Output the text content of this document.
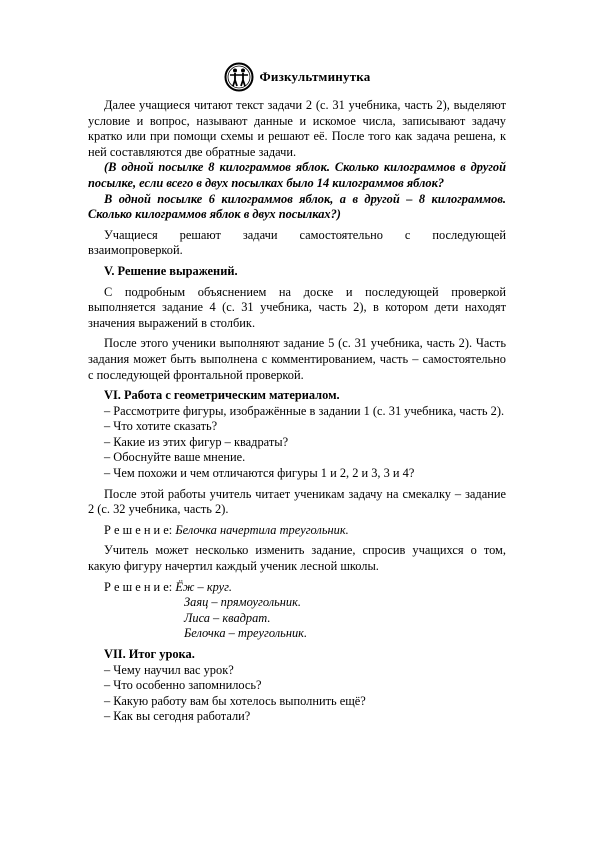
Физкультминутка

Далее учащиеся читают текст задачи 2 (с. 31 учебника, часть 2), выделяют условие и вопрос, называют данные и искомое числа, записывают задачу кратко или при помощи схемы и решают её. После того как задача решена, к ней составляются две обратные задачи.

(В одной посылке 8 килограммов яблок. Сколько килограммов в другой посылке, если всего в двух посылках было 14 килограммов яблок?

В одной посылке 6 килограммов яблок, а в другой – 8 килограммов. Сколько килограммов яблок в двух посылках?)

Учащиеся решают задачи самостоятельно с последующей взаимопроверкой.

V. Решение выражений.

С подробным объяснением на доске и последующей проверкой выполняется задание 4 (с. 31 учебника, часть 2), в котором дети находят значения выражений в столбик.

После этого ученики выполняют задание 5 (с. 31 учебника, часть 2). Часть задания может быть выполнена с комментированием, часть – самостоятельно с последующей фронтальной проверкой.

VI. Работа с геометрическим материалом.

– Рассмотрите фигуры, изображённые в задании 1 (с. 31 учебника, часть 2).

– Что хотите сказать?

– Какие из этих фигур – квадраты?

– Обоснуйте ваше мнение.

– Чем похожи и чем отличаются фигуры 1 и 2, 2 и 3, 3 и 4?

После этой работы учитель читает ученикам задачу на смекалку – задание 2 (с. 32 учебника, часть 2).

Р е ш е н и е: Белочка начертила треугольник.

Учитель может несколько изменить задание, спросив учащихся о том, какую фигуру начертил каждый ученик лесной школы.

Р е ш е н и е: Ёж – круг.

Заяц – прямоугольник.

Лиса – квадрат.

Белочка – треугольник.

VII. Итог урока.

– Чему научил вас урок?

– Что особенно запомнилось?

– Какую работу вам бы хотелось выполнить ещё?

– Как вы сегодня работали?
